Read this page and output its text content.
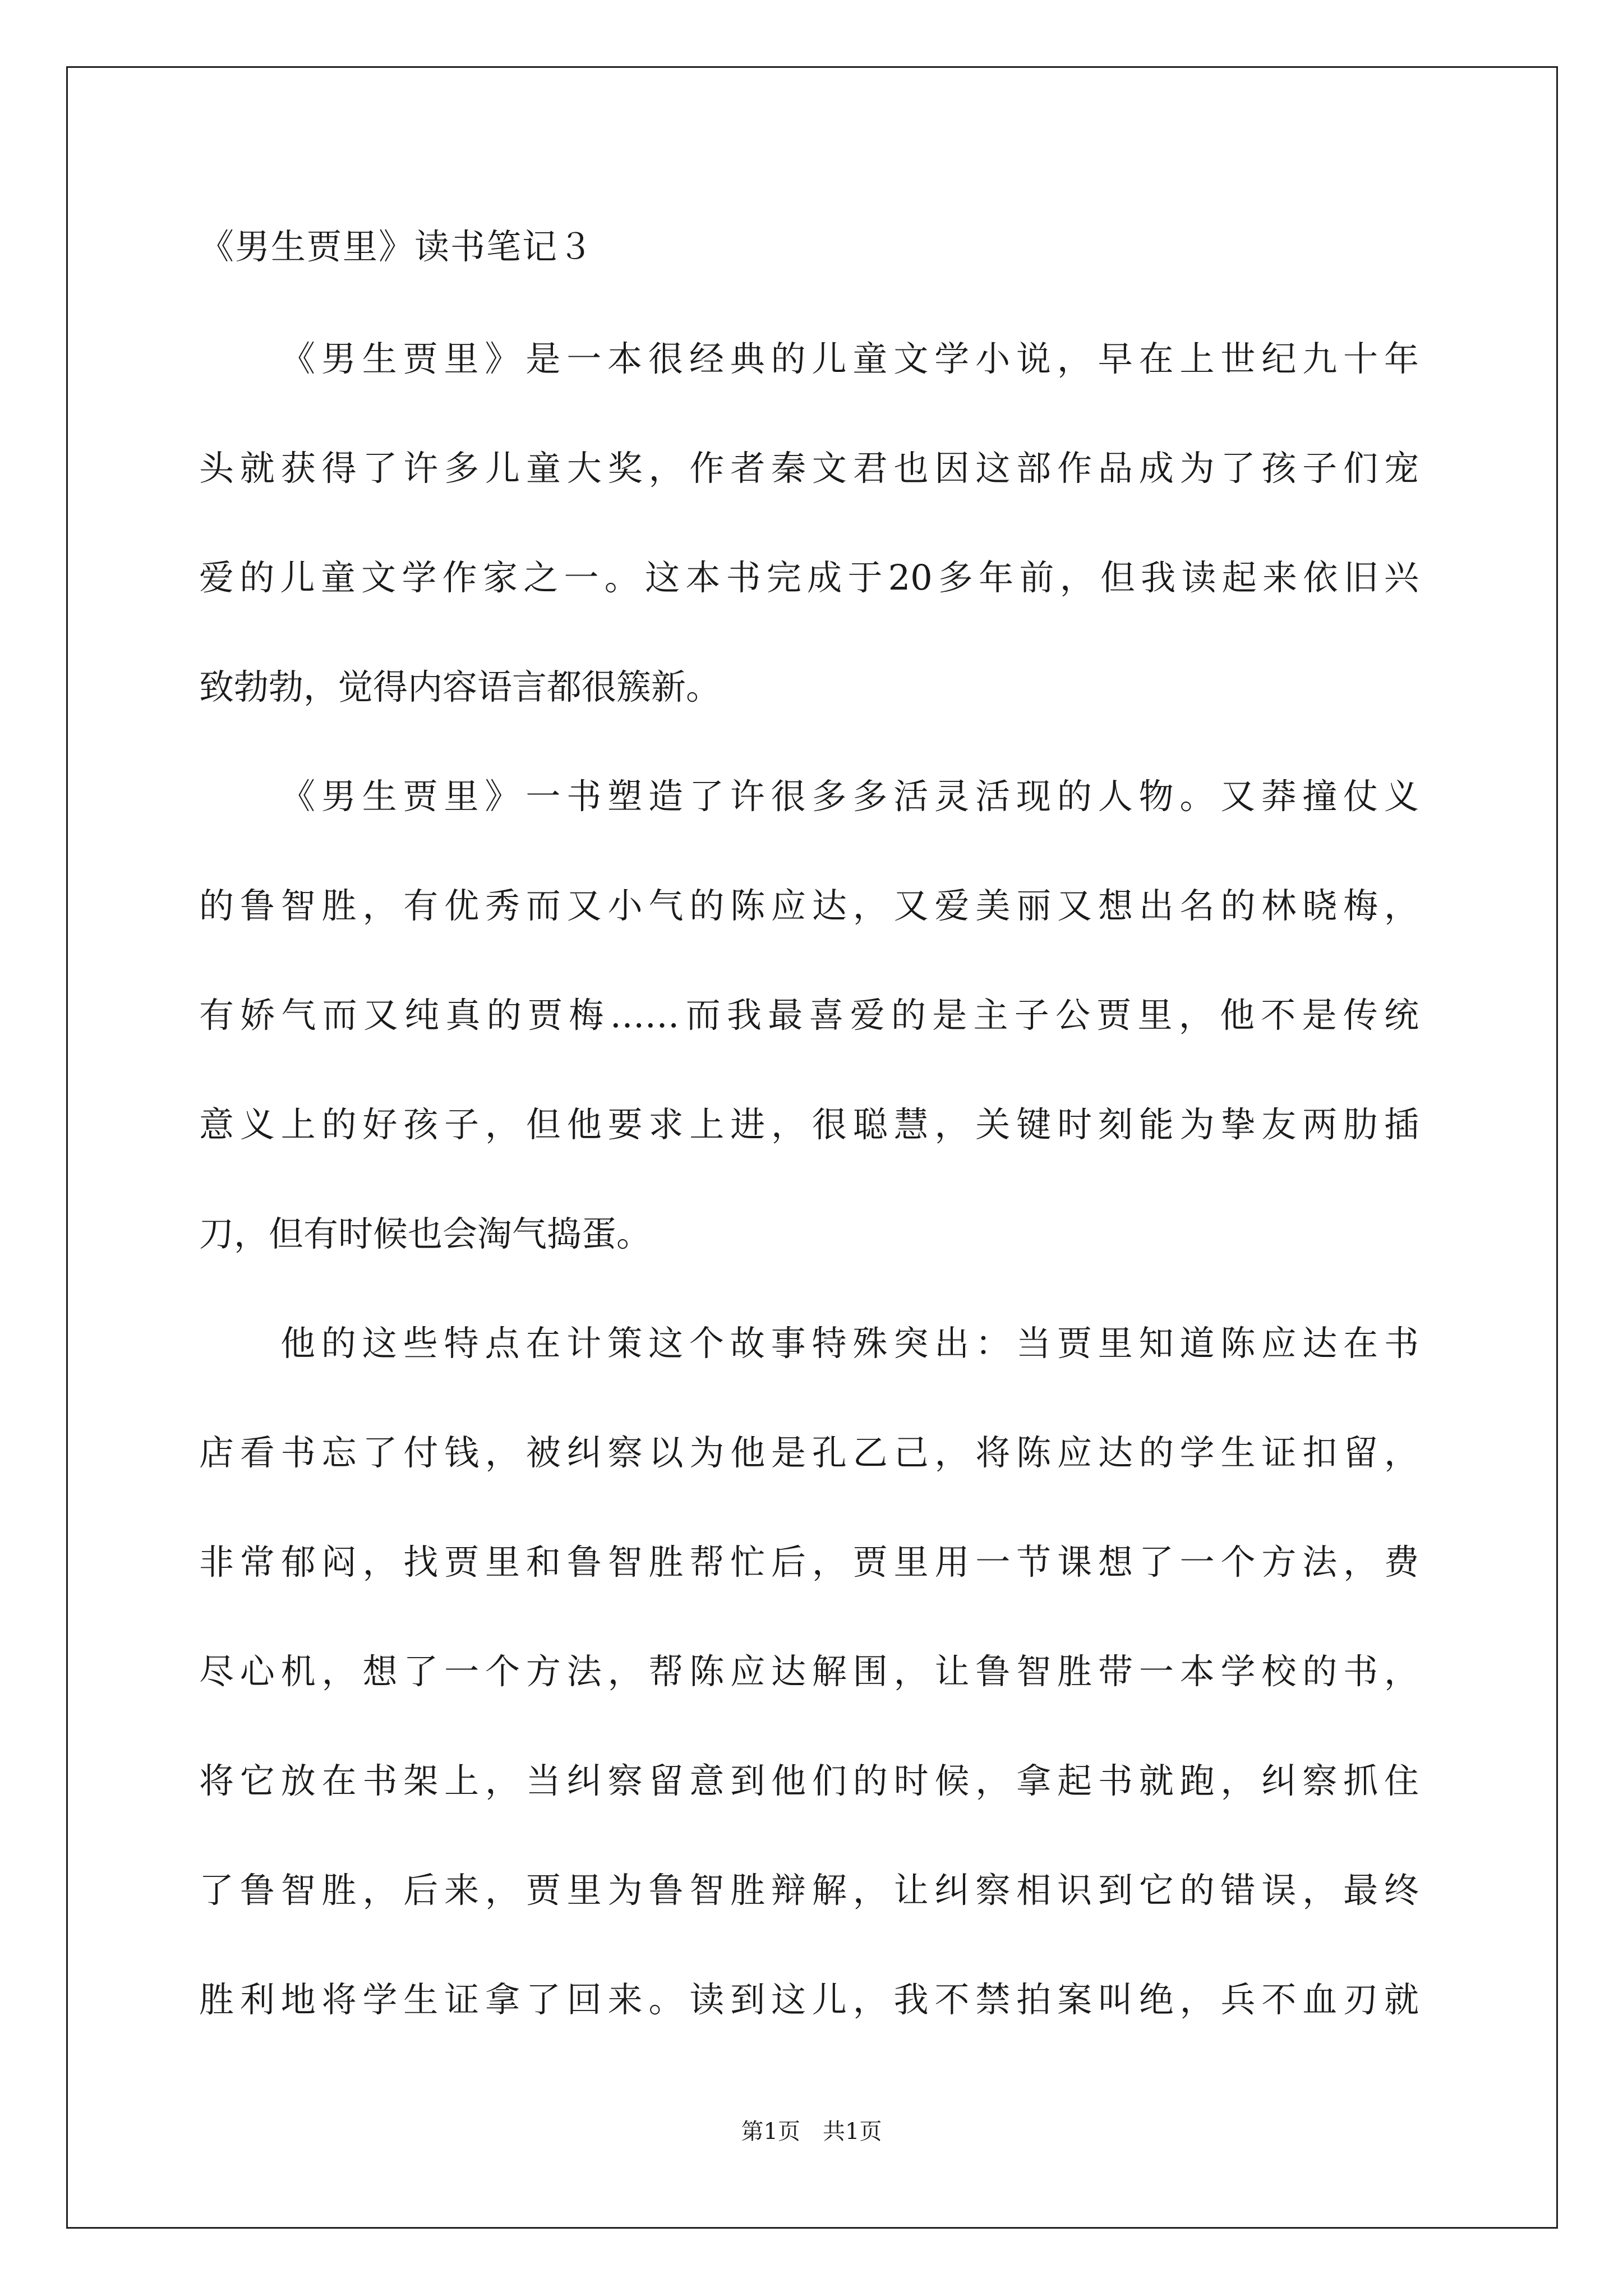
《男生贾里》读书笔记３
《男生贾里》是一本很经典的儿童文学小说，早在上世纪九十年
头就获得了许多儿童大奖，作者秦文君也因这部作品成为了孩子们宠
爱的儿童文学作家之一。这本书完成于20多年前，但我读起来依旧兴
致勃勃，觉得内容语言都很簇新。
《男生贾里》一书塑造了许很多多活灵活现的人物。又莽撞仗义
的鲁智胜，有优秀而又小气的陈应达，又爱美丽又想出名的林晓梅，
有娇气而又纯真的贾梅……而我最喜爱的是主子公贾里，他不是传统
意义上的好孩子，但他要求上进，很聪慧，关键时刻能为挚友两肋插
刀，但有时候也会淘气捣蛋。
他的这些特点在计策这个故事特殊突出：当贾里知道陈应达在书
店看书忘了付钱，被纠察以为他是孔乙己，将陈应达的学生证扣留，
非常郁闷，找贾里和鲁智胜帮忙后，贾里用一节课想了一个方法，费
尽心机，想了一个方法，帮陈应达解围，让鲁智胜带一本学校的书，
将它放在书架上，当纠察留意到他们的时候，拿起书就跑，纠察抓住
了鲁智胜，后来，贾里为鲁智胜辩解，让纠察相识到它的错误，最终
胜利地将学生证拿了回来。读到这儿，我不禁拍案叫绝，兵不血刃就
第1页　共1页
